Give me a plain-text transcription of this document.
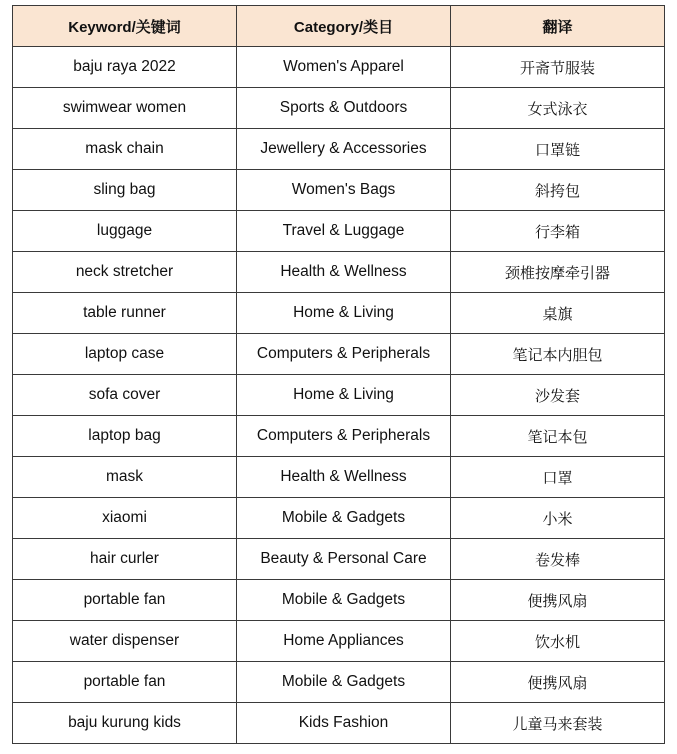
Keyword/关键词	Category/类目	翻译
baju raya 2022	Women's Apparel	开斋节服装
swimwear women	Sports & Outdoors	女式泳衣
mask chain	Jewellery & Accessories	口罩链
sling bag	Women's Bags	斜挎包
luggage	Travel & Luggage	行李箱
neck stretcher	Health & Wellness	颈椎按摩牵引器
table runner	Home & Living	桌旗
laptop case	Computers & Peripherals	笔记本内胆包
sofa cover	Home & Living	沙发套
laptop bag	Computers & Peripherals	笔记本包
mask	Health & Wellness	口罩
xiaomi	Mobile & Gadgets	小米
hair curler	Beauty & Personal Care	卷发棒
portable fan	Mobile & Gadgets	便携风扇
water dispenser	Home Appliances	饮水机
portable fan	Mobile & Gadgets	便携风扇
baju kurung kids	Kids Fashion	儿童马来套装
